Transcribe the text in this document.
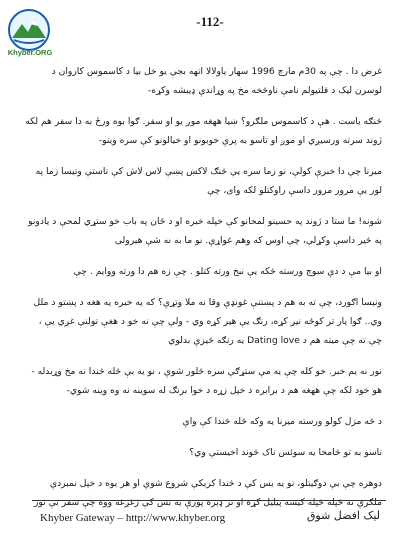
Khyber.ORG
-112-

غرض دا . چې په 30م مارچ 1996 سهار یاولالا اتهه بجې یو خل بیا د کاسموس کاروان د لوسرن لیک د فلتیولم نامې ناوڅخه مخ په وړاندې ډیبشه وکړه-

څنګه یاست . هې د کاسموس ملګرو؟ ښیا ههغه موږ یو او سفر. ګوا بوه ورځ به دا سفر هم لکه ژوند سرته ورسیږي او موږ او تاسو به پرې خوبونو او خیالونو کې سره وینو-

میرنا چې دا خبرې کولې، نو زما سره یې څنګ لاکښ پښې لاس لاش کې تاستې وتیسا زما په لور یې مرور مرور داسې راوکتلو لکه وای، چې

شونه! ما ستا د ژوند په حسینو لمحانو کې خپله خبره او د ځان په باب خو ستړي لمحې د یادونو په څیر داسې وکړلې، چې اوس که وهم غواړې. نو ما به نه شې هیرولی

او بیا مې د دې سوچ ورسته څکه یې نبخ ورته کتلو . چې زه هم دا ورته ووایم . چې

ونیسا اګورد، چې ته به هم د پښتنې غونډې وقا نه ملا وتړې؟ که یه خبره یه هغه د پښتو د ملل وي.. ګوا یار تر کوځه نیږ کړه، رنګ یې هیر کړه وي - ولې چې نه خو د هغې تولنې غږي یې ، چې ته چې میته هم د Dating love یه رنګه څیزې بدلوي

نور نه یم خبر. خو کله چې یه مې ستړګې سره څلور شوې ، نو یه بې څله څندا نه مخ وړبدله - هو خود لکه چې ههغه هم د برابره د خپل زړه د خوا برنګ له سوینه نه وه وینه شوي-

د څه مزل کولو ورسته میرنا یه وکه څله څندا کې واې

تاسو به تو څامخا یه سوئس ناک څوند اخیستې وي؟

دوهره چې بې دوګیتلو، نو یه بس کې د څندا کریکې شروع شوې او هر یوه د خپل نمبردې ملګرې نه څپله څپله کیسه پیلیل کړه او تر ډېره پورې یه بس کې ژغږغه ووه چې سفر بې نور

Khyber Gateway – http://www.khyber.org	لیک افضل شوق
